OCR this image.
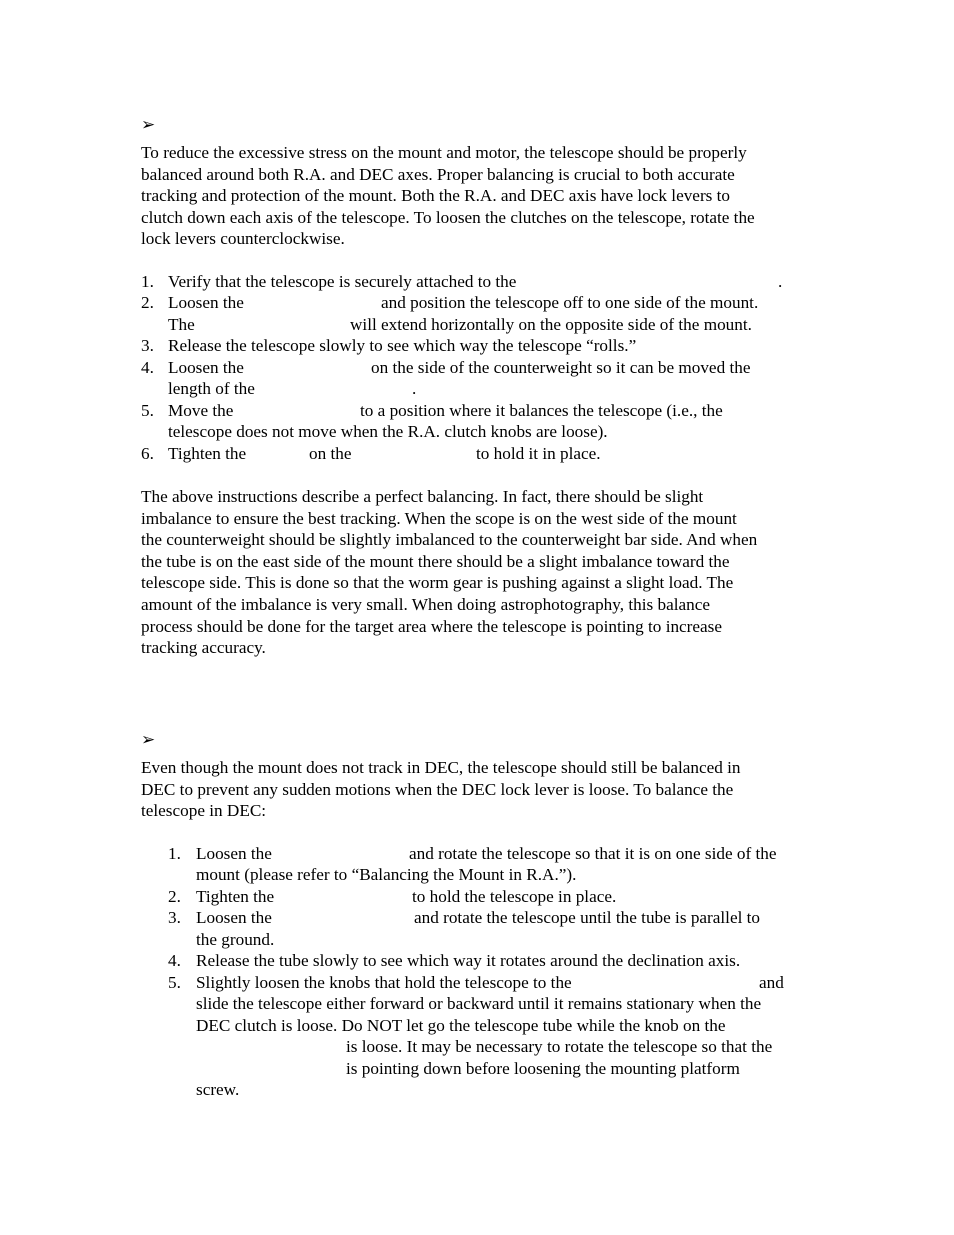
➢
To reduce the excessive stress on the mount and motor, the telescope should be properly
balanced around both R.A. and DEC axes. Proper balancing is crucial to both accurate
tracking and protection of the mount. Both the R.A. and DEC axis have lock levers to
clutch down each axis of the telescope. To loosen the clutches on the telescope, rotate the
lock levers counterclockwise.
1. Verify that the telescope is securely attached to the	.
2. Loosen the	and position the telescope off to one side of the mount.
The	will extend horizontally on the opposite side of the mount.
3. Release the telescope slowly to see which way the telescope “rolls.”
4. Loosen the	on the side of the counterweight so it can be moved the
length of the	.
5. Move the	to a position where it balances the telescope (i.e., the
telescope does not move when the R.A. clutch knobs are loose).
6. Tighten the	on the	to hold it in place.
The above instructions describe a perfect balancing. In fact, there should be slight
imbalance to ensure the best tracking. When the scope is on the west side of the mount
the counterweight should be slightly imbalanced to the counterweight bar side. And when
the tube is on the east side of the mount there should be a slight imbalance toward the
telescope side. This is done so that the worm gear is pushing against a slight load. The
amount of the imbalance is very small. When doing astrophotography, this balance
process should be done for the target area where the telescope is pointing to increase
tracking accuracy.
➢
Even though the mount does not track in DEC, the telescope should still be balanced in
DEC to prevent any sudden motions when the DEC lock lever is loose. To balance the
telescope in DEC:
1. Loosen the	and rotate the telescope so that it is on one side of the
mount (please refer to “Balancing the Mount in R.A.”).
2. Tighten the	to hold the telescope in place.
3. Loosen the	and rotate the telescope until the tube is parallel to
the ground.
4. Release the tube slowly to see which way it rotates around the declination axis.
5. Slightly loosen the knobs that hold the telescope to the	and
slide the telescope either forward or backward until it remains stationary when the
DEC clutch is loose. Do NOT let go the telescope tube while the knob on the
is loose. It may be necessary to rotate the telescope so that the
is pointing down before loosening the mounting platform
screw.
